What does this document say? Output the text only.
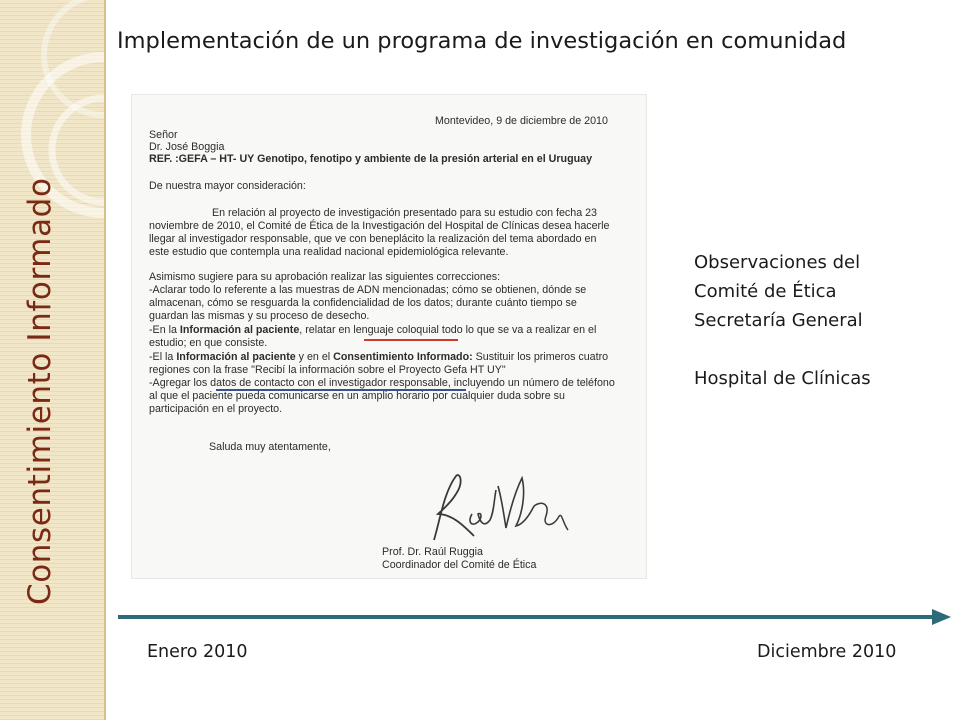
Consentimiento Informado
Implementación de un programa de investigación en comunidad
Montevideo, 9 de diciembre de 2010
Señor
Dr. José Boggia
REF. :GEFA – HT- UY Genotipo, fenotipo y ambiente de la presión arterial en el Uruguay
De nuestra mayor consideración:
En relación al proyecto de investigación presentado para su estudio con fecha 23
noviembre de 2010, el Comité de Ética de la Investigación del Hospital de Clínicas desea hacerle
llegar al investigador responsable, que ve con beneplácito la realización del tema abordado en
este estudio que contempla una realidad nacional epidemiológica relevante.
Asimismo sugiere para su aprobación realizar las siguientes correcciones:
-Aclarar todo lo referente a las muestras de ADN mencionadas; cómo se obtienen, dónde se
almacenan, cómo se resguarda la confidencialidad de los datos; durante cuánto tiempo se
guardan las mismas y su proceso de desecho.
-En la Información al paciente, relatar en lenguaje coloquial todo lo que se va a realizar en el
estudio; en que consiste.
-El la Información al paciente y en el Consentimiento Informado: Sustituir los primeros cuatro
regiones con la frase "Recibí la información sobre el Proyecto Gefa HT UY"
-Agregar los datos de contacto con el investigador responsable, incluyendo un número de teléfono
al que el paciente pueda comunicarse en un amplio horario por cualquier duda sobre su
participación en el proyecto.
Saluda muy atentamente,
Prof. Dr. Raúl Ruggia
Coordinador del Comité de Ética
Observaciones del
Comité de Ética
Secretaría General
Hospital de Clínicas
Enero 2010	Diciembre 2010
